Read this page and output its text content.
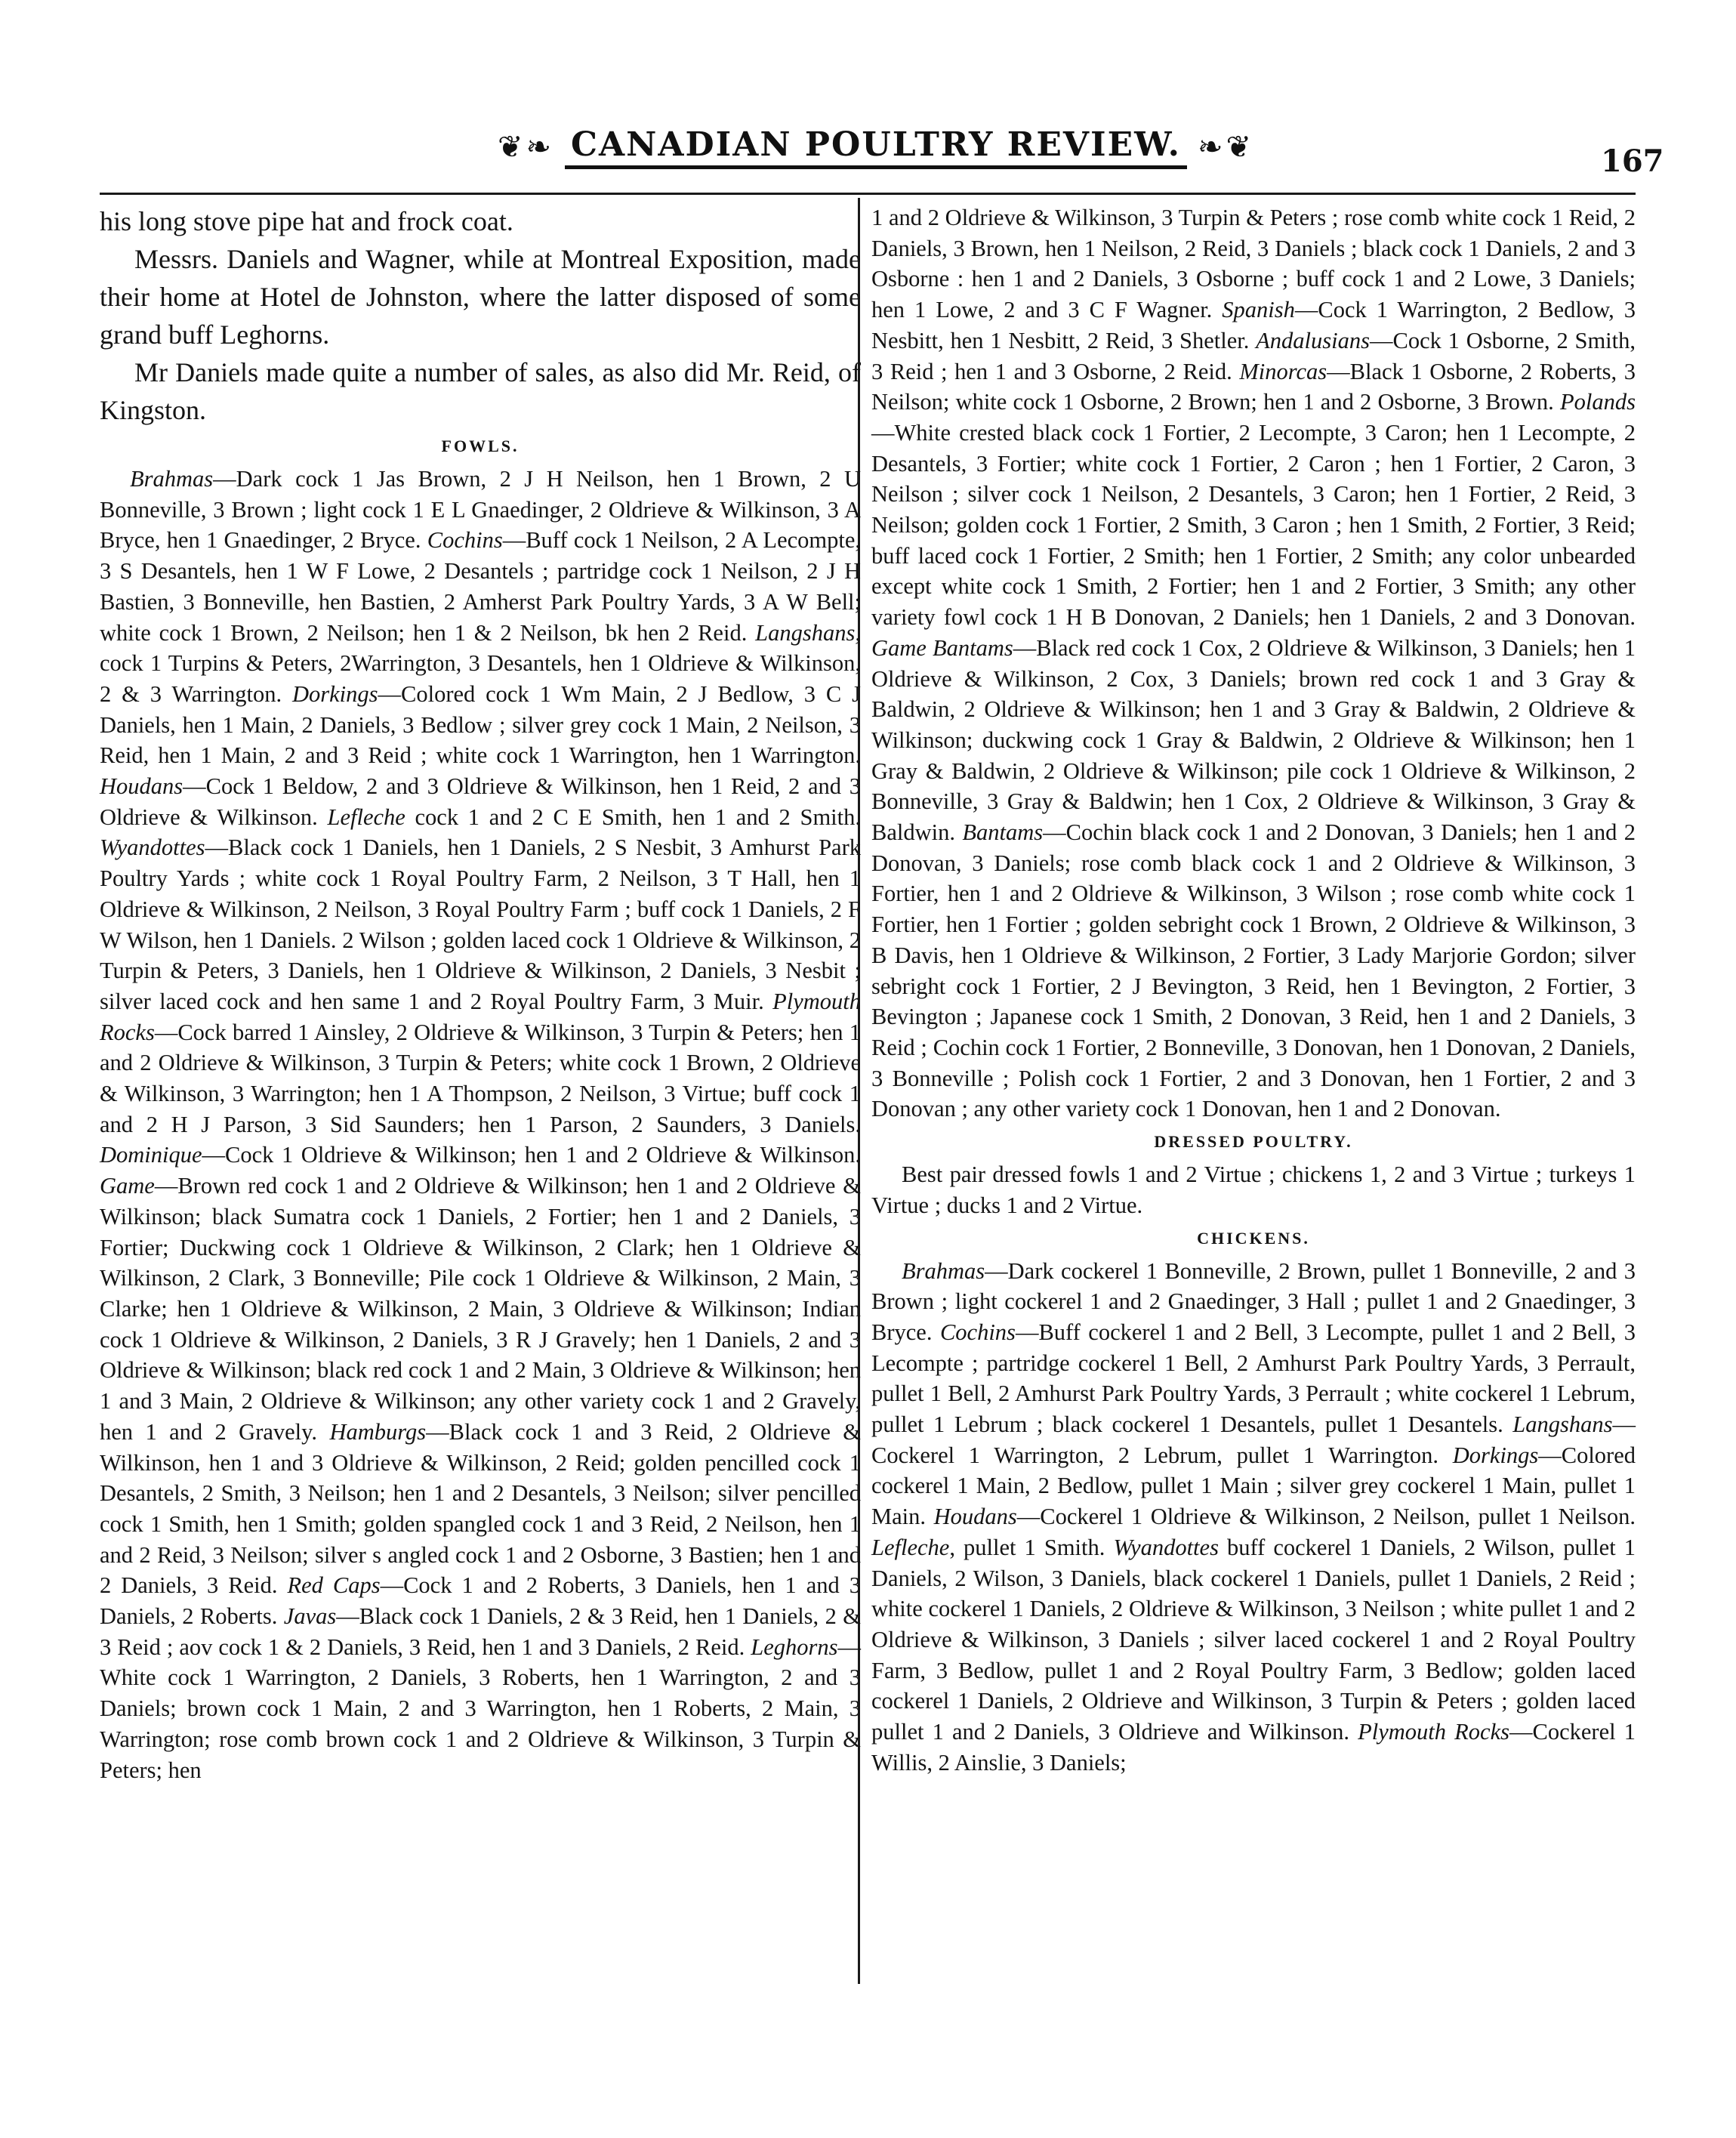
❦❧ CANADIAN POULTRY REVIEW. ❧❦	167

his long stove pipe hat and frock coat.

Messrs. Daniels and Wagner, while at Montreal Exposition, made their home at Hotel de Johnston, where the latter disposed of some grand buff Leghorns.

Mr Daniels made quite a number of sales, as also did Mr. Reid, of Kingston.

FOWLS.

Brahmas—Dark cock 1 Jas Brown, 2 J H Neilson, hen 1 Brown, 2 U Bonneville, 3 Brown ; light cock 1 E L Gnaedinger, 2 Oldrieve & Wilkinson, 3 A Bryce, hen 1 Gnaedinger, 2 Bryce. Cochins—Buff cock 1 Neilson, 2 A Lecompte, 3 S Desantels, hen 1 W F Lowe, 2 Desantels ; partridge cock 1 Neilson, 2 J H Bastien, 3 Bonneville, hen Bastien, 2 Amherst Park Poultry Yards, 3 A W Bell; white cock 1 Brown, 2 Neilson; hen 1 & 2 Neilson, bk hen 2 Reid. Langshans, cock 1 Turpins & Peters, 2Warrington, 3 Desantels, hen 1 Oldrieve & Wilkinson, 2 & 3 Warrington. Dorkings—Colored cock 1 Wm Main, 2 J Bedlow, 3 C J Daniels, hen 1 Main, 2 Daniels, 3 Bedlow ; silver grey cock 1 Main, 2 Neilson, 3 Reid, hen 1 Main, 2 and 3 Reid ; white cock 1 Warrington, hen 1 Warrington. Houdans—Cock 1 Beldow, 2 and 3 Oldrieve & Wilkinson, hen 1 Reid, 2 and 3 Oldrieve & Wilkinson. Lefleche cock 1 and 2 C E Smith, hen 1 and 2 Smith. Wyandottes—Black cock 1 Daniels, hen 1 Daniels, 2 S Nesbit, 3 Amhurst Park Poultry Yards ; white cock 1 Royal Poultry Farm, 2 Neilson, 3 T Hall, hen 1 Oldrieve & Wilkinson, 2 Neilson, 3 Royal Poultry Farm ; buff cock 1 Daniels, 2 F W Wilson, hen 1 Daniels. 2 Wilson ; golden laced cock 1 Oldrieve & Wilkinson, 2 Turpin & Peters, 3 Daniels, hen 1 Oldrieve & Wilkinson, 2 Daniels, 3 Nesbit ; silver laced cock and hen same 1 and 2 Royal Poultry Farm, 3 Muir. Plymouth Rocks—Cock barred 1 Ainsley, 2 Oldrieve & Wilkinson, 3 Turpin & Peters; hen 1 and 2 Oldrieve & Wilkinson, 3 Turpin & Peters; white cock 1 Brown, 2 Oldrieve & Wilkinson, 3 Warrington; hen 1 A Thompson, 2 Neilson, 3 Virtue; buff cock 1 and 2 H J Parson, 3 Sid Saunders; hen 1 Parson, 2 Saunders, 3 Daniels. Dominique—Cock 1 Oldrieve & Wilkinson; hen 1 and 2 Oldrieve & Wilkinson. Game—Brown red cock 1 and 2 Oldrieve & Wilkinson; hen 1 and 2 Oldrieve & Wilkinson; black Sumatra cock 1 Daniels, 2 Fortier; hen 1 and 2 Daniels, 3 Fortier; Duckwing cock 1 Oldrieve & Wilkinson, 2 Clark; hen 1 Oldrieve & Wilkinson, 2 Clark, 3 Bonneville; Pile cock 1 Oldrieve & Wilkinson, 2 Main, 3 Clarke; hen 1 Oldrieve & Wilkinson, 2 Main, 3 Oldrieve & Wilkinson; Indian cock 1 Oldrieve & Wilkinson, 2 Daniels, 3 R J Gravely; hen 1 Daniels, 2 and 3 Oldrieve & Wilkinson; black red cock 1 and 2 Main, 3 Oldrieve & Wilkinson; hen 1 and 3 Main, 2 Oldrieve & Wilkinson; any other variety cock 1 and 2 Gravely, hen 1 and 2 Gravely. Hamburgs—Black cock 1 and 3 Reid, 2 Oldrieve & Wilkinson, hen 1 and 3 Oldrieve & Wilkinson, 2 Reid; golden pencilled cock 1 Desantels, 2 Smith, 3 Neilson; hen 1 and 2 Desantels, 3 Neilson; silver pencilled cock 1 Smith, hen 1 Smith; golden spangled cock 1 and 3 Reid, 2 Neilson, hen 1 and 2 Reid, 3 Neilson; silver s angled cock 1 and 2 Osborne, 3 Bastien; hen 1 and 2 Daniels, 3 Reid. Red Caps—Cock 1 and 2 Roberts, 3 Daniels, hen 1 and 3 Daniels, 2 Roberts. Javas—Black cock 1 Daniels, 2 & 3 Reid, hen 1 Daniels, 2 & 3 Reid ; aov cock 1 & 2 Daniels, 3 Reid, hen 1 and 3 Daniels, 2 Reid. Leghorns—White cock 1 Warrington, 2 Daniels, 3 Roberts, hen 1 Warrington, 2 and 3 Daniels; brown cock 1 Main, 2 and 3 Warrington, hen 1 Roberts, 2 Main, 3 Warrington; rose comb brown cock 1 and 2 Oldrieve & Wilkinson, 3 Turpin & Peters; hen

1 and 2 Oldrieve & Wilkinson, 3 Turpin & Peters ; rose comb white cock 1 Reid, 2 Daniels, 3 Brown, hen 1 Neilson, 2 Reid, 3 Daniels ; black cock 1 Daniels, 2 and 3 Osborne : hen 1 and 2 Daniels, 3 Osborne ; buff cock 1 and 2 Lowe, 3 Daniels; hen 1 Lowe, 2 and 3 C F Wagner. Spanish—Cock 1 Warrington, 2 Bedlow, 3 Nesbitt, hen 1 Nesbitt, 2 Reid, 3 Shetler. Andalusians—Cock 1 Osborne, 2 Smith, 3 Reid ; hen 1 and 3 Osborne, 2 Reid. Minorcas—Black 1 Osborne, 2 Roberts, 3 Neilson; white cock 1 Osborne, 2 Brown; hen 1 and 2 Osborne, 3 Brown. Polands—White crested black cock 1 Fortier, 2 Lecompte, 3 Caron; hen 1 Lecompte, 2 Desantels, 3 Fortier; white cock 1 Fortier, 2 Caron ; hen 1 Fortier, 2 Caron, 3 Neilson ; silver cock 1 Neilson, 2 Desantels, 3 Caron; hen 1 Fortier, 2 Reid, 3 Neilson; golden cock 1 Fortier, 2 Smith, 3 Caron ; hen 1 Smith, 2 Fortier, 3 Reid; buff laced cock 1 Fortier, 2 Smith; hen 1 Fortier, 2 Smith; any color unbearded except white cock 1 Smith, 2 Fortier; hen 1 and 2 Fortier, 3 Smith; any other variety fowl cock 1 H B Donovan, 2 Daniels; hen 1 Daniels, 2 and 3 Donovan. Game Bantams—Black red cock 1 Cox, 2 Oldrieve & Wilkinson, 3 Daniels; hen 1 Oldrieve & Wilkinson, 2 Cox, 3 Daniels; brown red cock 1 and 3 Gray & Baldwin, 2 Oldrieve & Wilkinson; hen 1 and 3 Gray & Baldwin, 2 Oldrieve & Wilkinson; duckwing cock 1 Gray & Baldwin, 2 Oldrieve & Wilkinson; hen 1 Gray & Baldwin, 2 Oldrieve & Wilkinson; pile cock 1 Oldrieve & Wilkinson, 2 Bonneville, 3 Gray & Baldwin; hen 1 Cox, 2 Oldrieve & Wilkinson, 3 Gray & Baldwin. Bantams—Cochin black cock 1 and 2 Donovan, 3 Daniels; hen 1 and 2 Donovan, 3 Daniels; rose comb black cock 1 and 2 Oldrieve & Wilkinson, 3 Fortier, hen 1 and 2 Oldrieve & Wilkinson, 3 Wilson ; rose comb white cock 1 Fortier, hen 1 Fortier ; golden sebright cock 1 Brown, 2 Oldrieve & Wilkinson, 3 B Davis, hen 1 Oldrieve & Wilkinson, 2 Fortier, 3 Lady Marjorie Gordon; silver sebright cock 1 Fortier, 2 J Bevington, 3 Reid, hen 1 Bevington, 2 Fortier, 3 Bevington ; Japanese cock 1 Smith, 2 Donovan, 3 Reid, hen 1 and 2 Daniels, 3 Reid ; Cochin cock 1 Fortier, 2 Bonneville, 3 Donovan, hen 1 Donovan, 2 Daniels, 3 Bonneville ; Polish cock 1 Fortier, 2 and 3 Donovan, hen 1 Fortier, 2 and 3 Donovan ; any other variety cock 1 Donovan, hen 1 and 2 Donovan.

DRESSED POULTRY.

Best pair dressed fowls 1 and 2 Virtue ; chickens 1, 2 and 3 Virtue ; turkeys 1 Virtue ; ducks 1 and 2 Virtue.

CHICKENS.

Brahmas—Dark cockerel 1 Bonneville, 2 Brown, pullet 1 Bonneville, 2 and 3 Brown ; light cockerel 1 and 2 Gnaedinger, 3 Hall ; pullet 1 and 2 Gnaedinger, 3 Bryce. Cochins—Buff cockerel 1 and 2 Bell, 3 Lecompte, pullet 1 and 2 Bell, 3 Lecompte ; partridge cockerel 1 Bell, 2 Amhurst Park Poultry Yards, 3 Perrault, pullet 1 Bell, 2 Amhurst Park Poultry Yards, 3 Perrault ; white cockerel 1 Lebrum, pullet 1 Lebrum ; black cockerel 1 Desantels, pullet 1 Desantels. Langshans—Cockerel 1 Warrington, 2 Lebrum, pullet 1 Warrington. Dorkings—Colored cockerel 1 Main, 2 Bedlow, pullet 1 Main ; silver grey cockerel 1 Main, pullet 1 Main. Houdans—Cockerel 1 Oldrieve & Wilkinson, 2 Neilson, pullet 1 Neilson. Lefleche, pullet 1 Smith. Wyandottes buff cockerel 1 Daniels, 2 Wilson, pullet 1 Daniels, 2 Wilson, 3 Daniels, black cockerel 1 Daniels, pullet 1 Daniels, 2 Reid ; white cockerel 1 Daniels, 2 Oldrieve & Wilkinson, 3 Neilson ; white pullet 1 and 2 Oldrieve & Wilkinson, 3 Daniels ; silver laced cockerel 1 and 2 Royal Poultry Farm, 3 Bedlow, pullet 1 and 2 Royal Poultry Farm, 3 Bedlow; golden laced cockerel 1 Daniels, 2 Oldrieve and Wilkinson, 3 Turpin & Peters ; golden laced pullet 1 and 2 Daniels, 3 Oldrieve and Wilkinson. Plymouth Rocks—Cockerel 1 Willis, 2 Ainslie, 3 Daniels;
